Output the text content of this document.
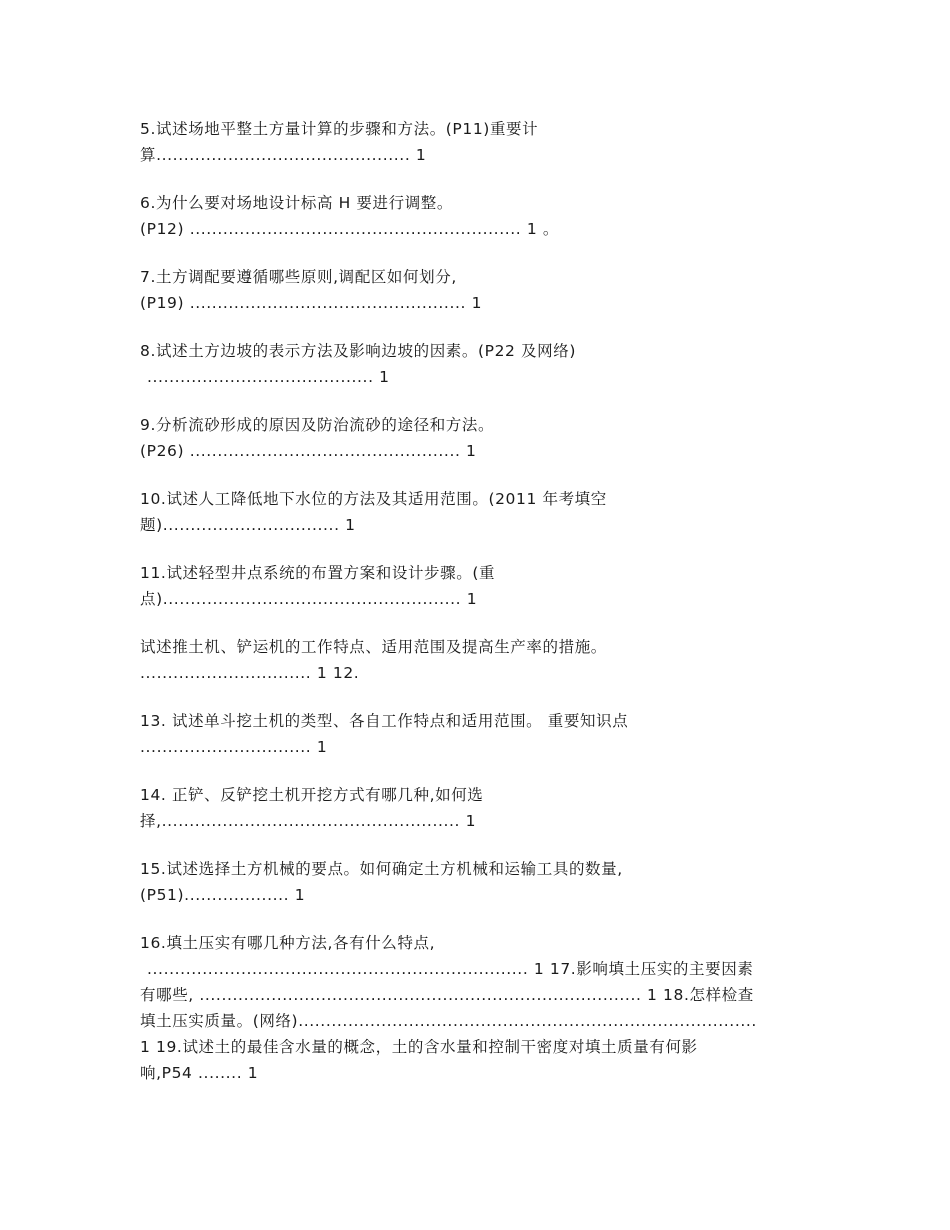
5.试述场地平整土方量计算的步骤和方法。(P11)重要计
算.............................................. 1
6.为什么要对场地设计标高 H 要进行调整。
(P12) ............................................................ 1 。
7.土方调配要遵循哪些原则,调配区如何划分,
(P19) .................................................. 1
8.试述土方边坡的表示方法及影响边坡的因素。(P22 及网络)
......................................... 1
9.分析流砂形成的原因及防治流砂的途径和方法。
(P26) ................................................. 1
10.试述人工降低地下水位的方法及其适用范围。(2011 年考填空
题)................................ 1
11.试述轻型井点系统的布置方案和设计步骤。(重
点)...................................................... 1
试述推土机、铲运机的工作特点、适用范围及提高生产率的措施。
............................... 1 12.
13. 试述单斗挖土机的类型、各自工作特点和适用范围。 重要知识点
............................... 1
14. 正铲、反铲挖土机开挖方式有哪几种,如何选
择,...................................................... 1
15.试述选择土方机械的要点。如何确定土方机械和运输工具的数量,
(P51)................... 1
16.填土压实有哪几种方法,各有什么特点,
..................................................................... 1 17.影响填土压实的主要因素
有哪些, ................................................................................ 1 18.怎样检查
填土压实质量。(网络)...................................................................................
1 19.试述土的最佳含水量的概念，土的含水量和控制干密度对填土质量有何影
响,P54 ........ 1
